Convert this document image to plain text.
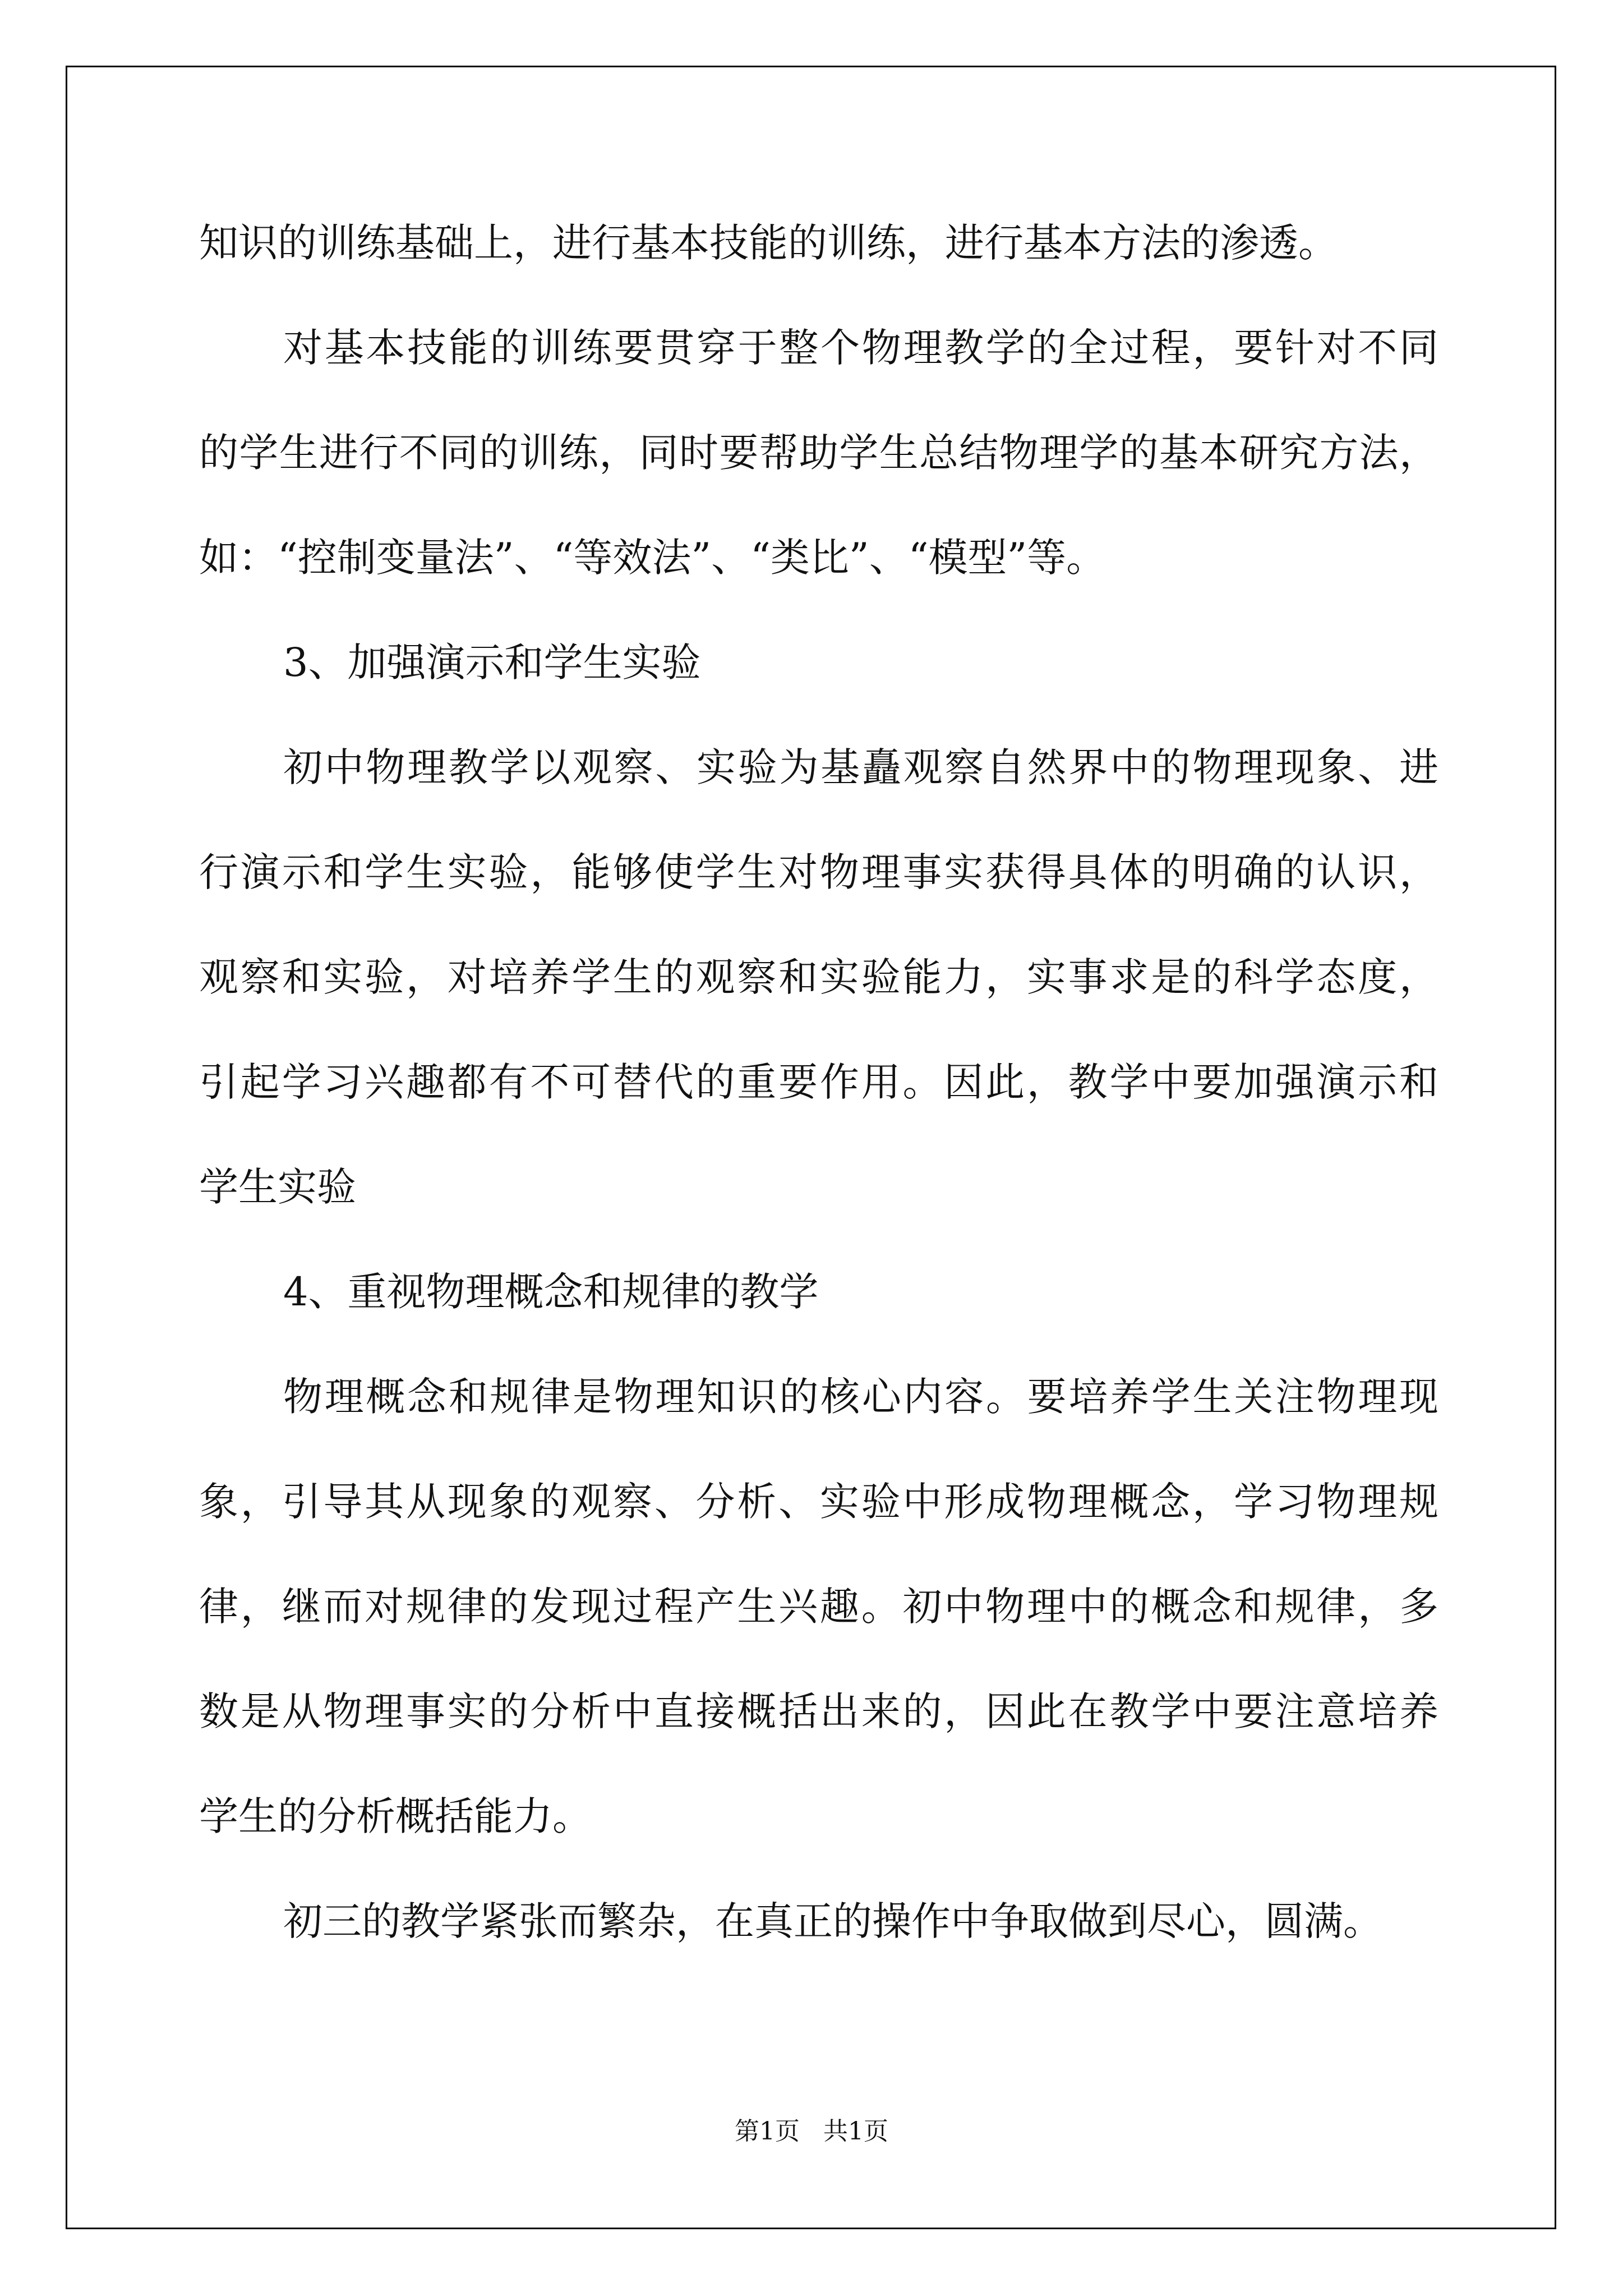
知识的训练基础上，进行基本技能的训练，进行基本方法的渗透。
对基本技能的训练要贯穿于整个物理教学的全过程，要针对不同
的学生进行不同的训练，同时要帮助学生总结物理学的基本研究方法，
如：“控制变量法”、“等效法”、“类比”、“模型”等。
3、加强演示和学生实验
初中物理教学以观察、实验为基矗观察自然界中的物理现象、进
行演示和学生实验，能够使学生对物理事实获得具体的明确的认识，
观察和实验，对培养学生的观察和实验能力，实事求是的科学态度，
引起学习兴趣都有不可替代的重要作用。因此，教学中要加强演示和
学生实验
4、重视物理概念和规律的教学
物理概念和规律是物理知识的核心内容。要培养学生关注物理现
象，引导其从现象的观察、分析、实验中形成物理概念，学习物理规
律，继而对规律的发现过程产生兴趣。初中物理中的概念和规律，多
数是从物理事实的分析中直接概括出来的，因此在教学中要注意培养
学生的分析概括能力。
初三的教学紧张而繁杂，在真正的操作中争取做到尽心，圆满。
第1页 共1页
